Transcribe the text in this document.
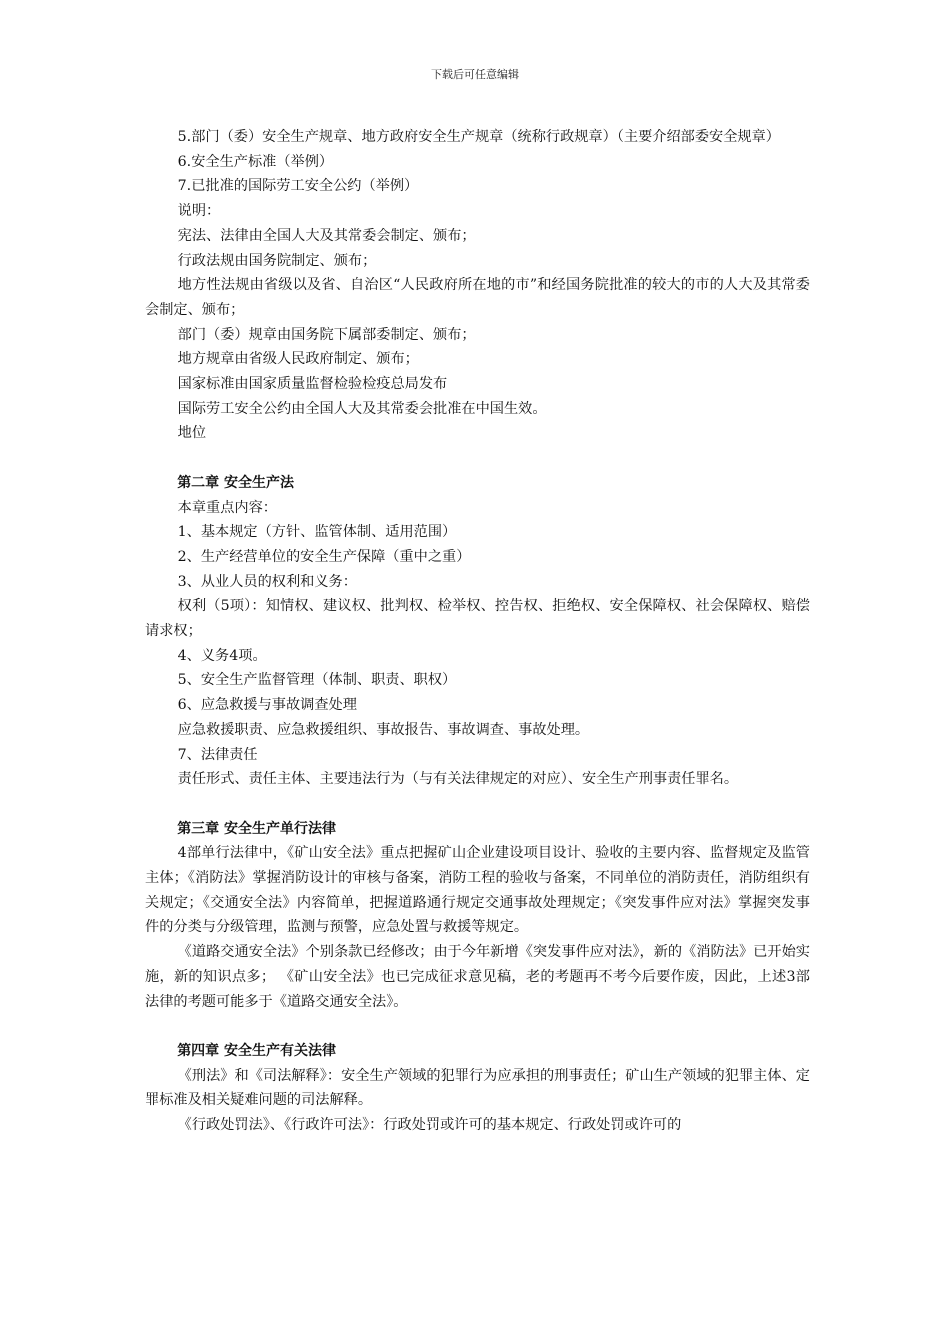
下载后可任意编辑

5.部门（委）安全生产规章、地方政府安全生产规章（统称行政规章）（主要介绍部委安全规章）

6.安全生产标准（举例）

7.已批准的国际劳工安全公约（举例）

说明：

宪法、法律由全国人大及其常委会制定、颁布；

行政法规由国务院制定、颁布；

地方性法规由省级以及省、自治区“人民政府所在地的市”和经国务院批准的较大的市的人大及其常委会制定、颁布；

部门（委）规章由国务院下属部委制定、颁布；

地方规章由省级人民政府制定、颁布；

国家标准由国家质量监督检验检疫总局发布

国际劳工安全公约由全国人大及其常委会批准在中国生效。

地位

第二章 安全生产法

本章重点内容：

1、基本规定（方针、监管体制、适用范围）

2、生产经营单位的安全生产保障（重中之重）

3、从业人员的权利和义务：

权利（5项）：知情权、建议权、批判权、检举权、控告权、拒绝权、安全保障权、社会保障权、赔偿请求权；

4、义务4项。

5、安全生产监督管理（体制、职责、职权）

6、应急救援与事故调查处理

应急救援职责、应急救援组织、事故报告、事故调查、事故处理。

7、法律责任

责任形式、责任主体、主要违法行为（与有关法律规定的对应）、安全生产刑事责任罪名。

第三章 安全生产单行法律

4部单行法律中，《矿山安全法》重点把握矿山企业建设项目设计、验收的主要内容、监督规定及监管主体；《消防法》掌握消防设计的审核与备案，消防工程的验收与备案，不同单位的消防责任，消防组织有关规定；《交通安全法》内容简单，把握道路通行规定交通事故处理规定；《突发事件应对法》掌握突发事件的分类与分级管理，监测与预警，应急处置与救援等规定。

《道路交通安全法》个别条款已经修改；由于今年新增《突发事件应对法》，新的《消防法》已开始实施，新的知识点多； 《矿山安全法》也已完成征求意见稿，老的考题再不考今后要作废，因此，上述3部法律的考题可能多于《道路交通安全法》。

第四章 安全生产有关法律

《刑法》和《司法解释》：安全生产领域的犯罪行为应承担的刑事责任；矿山生产领域的犯罪主体、定罪标准及相关疑难问题的司法解释。

《行政处罚法》、《行政许可法》：行政处罚或许可的基本规定、行政处罚或许可的
